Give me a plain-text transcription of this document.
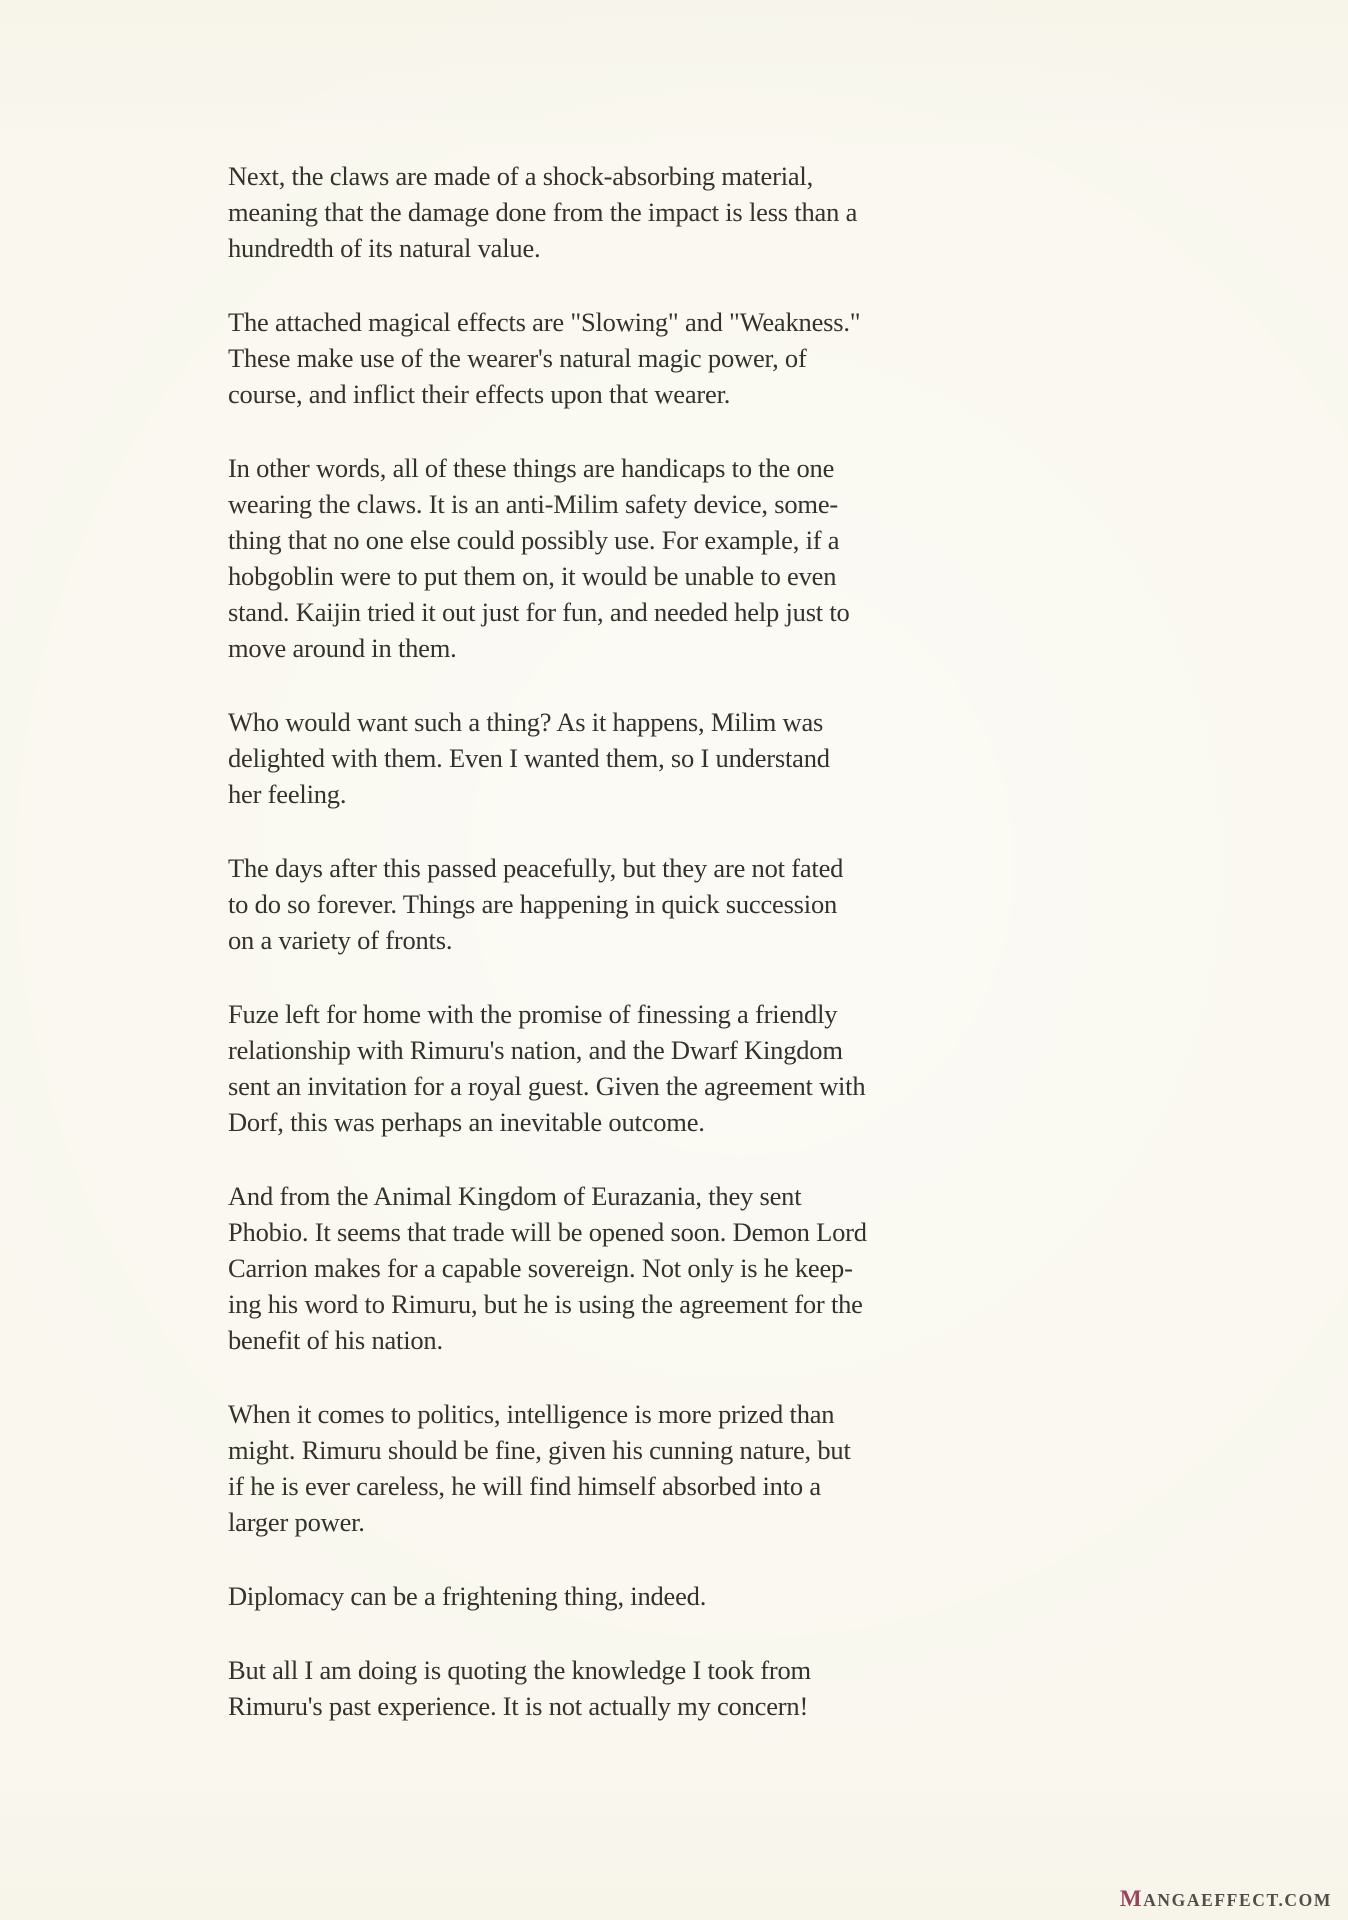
Next, the claws are made of a shock-absorbing material,
meaning that the damage done from the impact is less than a
hundredth of its natural value.
The attached magical effects are "Slowing" and "Weakness."
These make use of the wearer's natural magic power, of
course, and inflict their effects upon that wearer.
In other words, all of these things are handicaps to the one
wearing the claws. It is an anti-Milim safety device, some-
thing that no one else could possibly use. For example, if a
hobgoblin were to put them on, it would be unable to even
stand. Kaijin tried it out just for fun, and needed help just to
move around in them.
Who would want such a thing? As it happens, Milim was
delighted with them. Even I wanted them, so I understand
her feeling.
The days after this passed peacefully, but they are not fated
to do so forever. Things are happening in quick succession
on a variety of fronts.
Fuze left for home with the promise of finessing a friendly
relationship with Rimuru's nation, and the Dwarf Kingdom
sent an invitation for a royal guest. Given the agreement with
Dorf, this was perhaps an inevitable outcome.
And from the Animal Kingdom of Eurazania, they sent
Phobio. It seems that trade will be opened soon. Demon Lord
Carrion makes for a capable sovereign. Not only is he keep-
ing his word to Rimuru, but he is using the agreement for the
benefit of his nation.
When it comes to politics, intelligence is more prized than
might. Rimuru should be fine, given his cunning nature, but
if he is ever careless, he will find himself absorbed into a
larger power.
Diplomacy can be a frightening thing, indeed.
But all I am doing is quoting the knowledge I took from
Rimuru's past experience. It is not actually my concern!
MANGAEFFECT.COM
